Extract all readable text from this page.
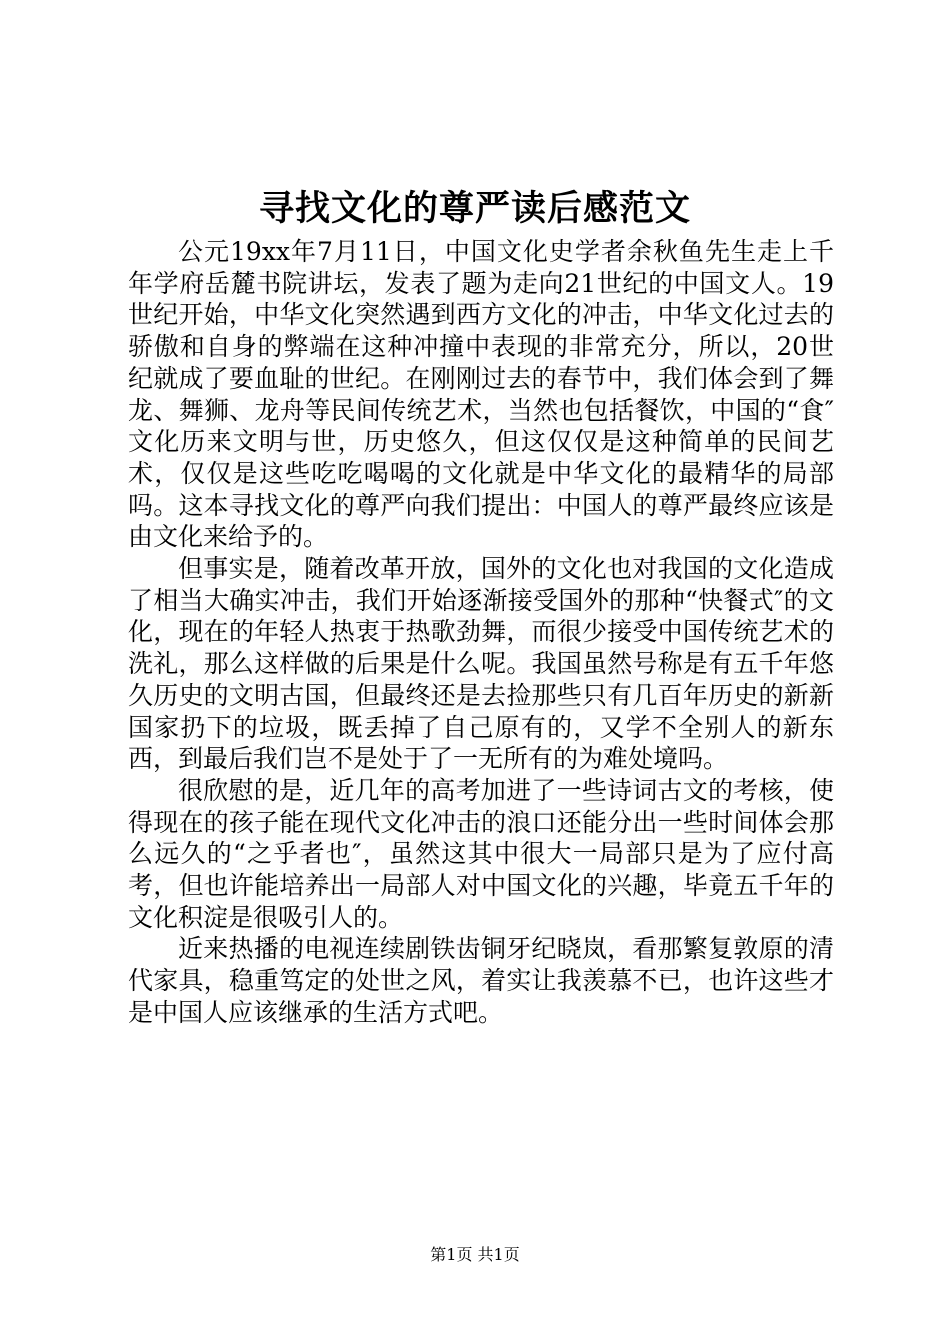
寻找文化的尊严读后感范文

公元19xx年7月11日，中国文化史学者余秋鱼先生走上千年学府岳麓书院讲坛，发表了题为走向21世纪的中国文人。19世纪开始，中华文化突然遇到西方文化的冲击，中华文化过去的骄傲和自身的弊端在这种冲撞中表现的非常充分，所以，20世纪就成了要血耻的世纪。在刚刚过去的春节中，我们体会到了舞龙、舞狮、龙舟等民间传统艺术，当然也包括餐饮，中国的“食″文化历来文明与世，历史悠久，但这仅仅是这种简单的民间艺术，仅仅是这些吃吃喝喝的文化就是中华文化的最精华的局部吗。这本寻找文化的尊严向我们提出：中国人的尊严最终应该是由文化来给予的。

但事实是，随着改革开放，国外的文化也对我国的文化造成了相当大确实冲击，我们开始逐渐接受国外的那种“快餐式″的文化，现在的年轻人热衷于热歌劲舞，而很少接受中国传统艺术的洗礼，那么这样做的后果是什么呢。我国虽然号称是有五千年悠久历史的文明古国，但最终还是去捡那些只有几百年历史的新新国家扔下的垃圾，既丢掉了自己原有的，又学不全别人的新东西，到最后我们岂不是处于了一无所有的为难处境吗。

很欣慰的是，近几年的高考加进了一些诗词古文的考核，使得现在的孩子能在现代文化冲击的浪口还能分出一些时间体会那么远久的“之乎者也″，虽然这其中很大一局部只是为了应付高考，但也许能培养出一局部人对中国文化的兴趣，毕竟五千年的文化积淀是很吸引人的。

近来热播的电视连续剧铁齿铜牙纪晓岚，看那繁复敦原的清代家具，稳重笃定的处世之风，着实让我羡慕不已，也许这些才是中国人应该继承的生活方式吧。

第1页 共1页
